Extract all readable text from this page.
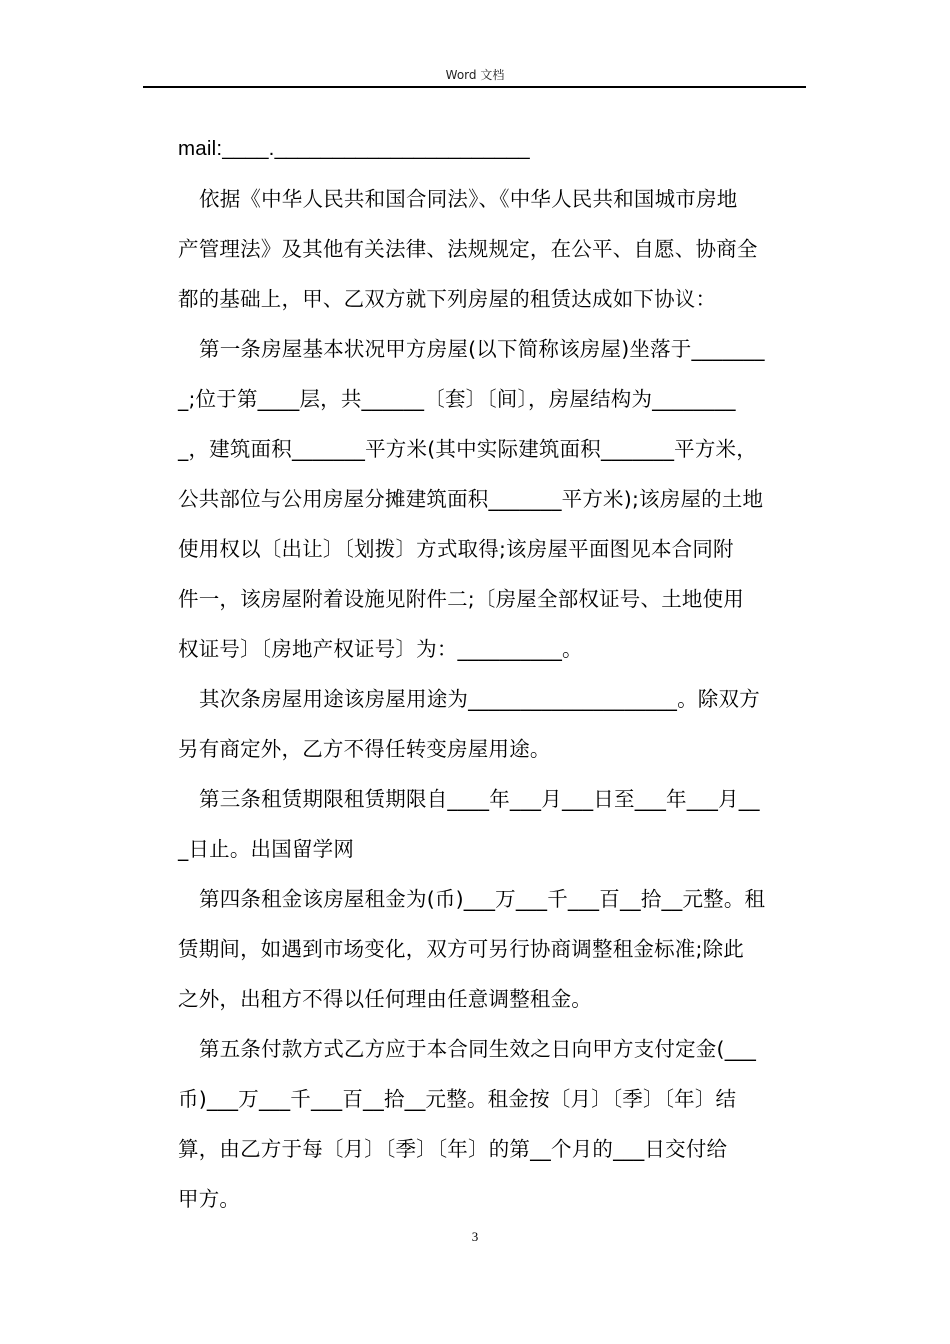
Word 文档
mail:____.______________________
依据《中华人民共和国合同法》、《中华人民共和国城市房地
产管理法》及其他有关法律、法规规定，在公平、自愿、协商全
都的基础上，甲、乙双方就下列房屋的租赁达成如下协议：
第一条房屋基本状况甲方房屋(以下简称该房屋)坐落于_______
_;位于第____层，共______〔套〕〔间〕，房屋结构为________
_，建筑面积_______平方米(其中实际建筑面积_______平方米，
公共部位与公用房屋分摊建筑面积_______平方米);该房屋的土地
使用权以〔出让〕〔划拨〕方式取得;该房屋平面图见本合同附
件一，该房屋附着设施见附件二;〔房屋全部权证号、土地使用
权证号〕〔房地产权证号〕为：__________。
其次条房屋用途该房屋用途为____________________。除双方
另有商定外，乙方不得任转变房屋用途。
第三条租赁期限租赁期限自____年___月___日至___年___月__
_日止。出国留学网
第四条租金该房屋租金为(币)___万___千___百__拾__元整。租
赁期间，如遇到市场变化，双方可另行协商调整租金标准;除此
之外，出租方不得以任何理由任意调整租金。
第五条付款方式乙方应于本合同生效之日向甲方支付定金(___
币)___万___千___百__拾__元整。租金按〔月〕〔季〕〔年〕结
算，由乙方于每〔月〕〔季〕〔年〕的第__个月的___日交付给
甲方。
3
